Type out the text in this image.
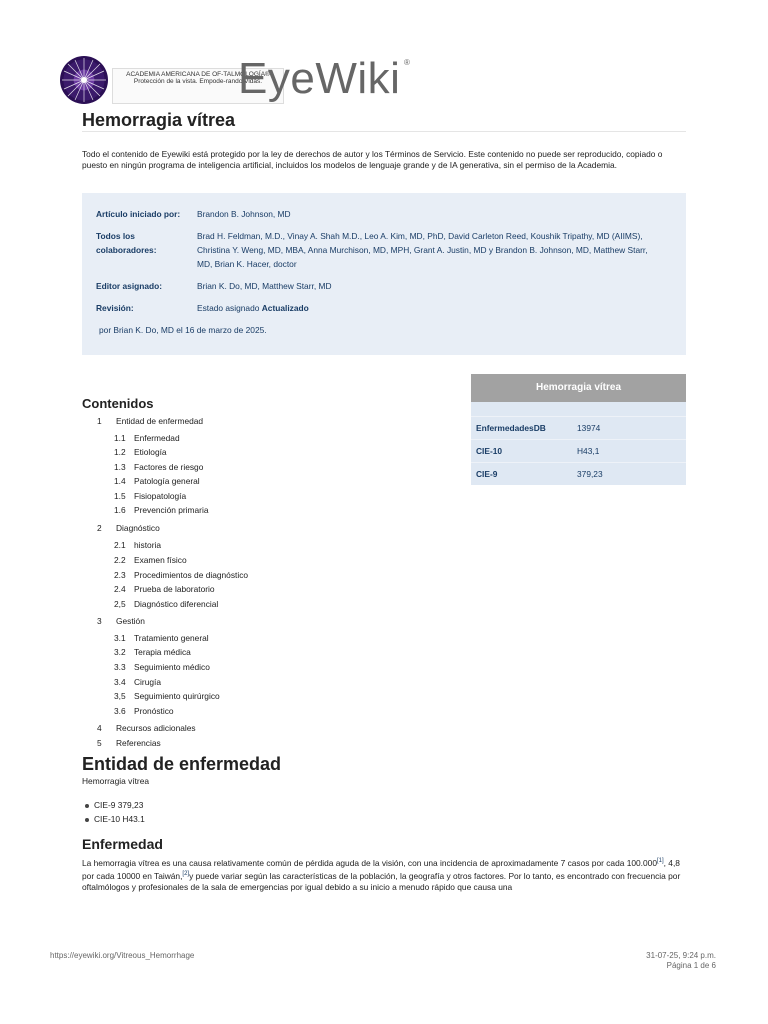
ACADEMIA AMERICANA DE OF-TALMOLOGÍA® Protección de la vista. Empode-rando Vidas.
EyeWiki ®
Hemorragia vítrea
Todo el contenido de Eyewiki está protegido por la ley de derechos de autor y los Términos de Servicio. Este contenido no puede ser reproducido, copiado o puesto en ningún programa de inteligencia artificial, incluidos los modelos de lenguaje grande y de IA generativa, sin el permiso de la Academia.
Artículo iniciado por:	Brandon B. Johnson, MD
Todos los colaboradores:	Brad H. Feldman, M.D., Vinay A. Shah M.D., Leo A. Kim, MD, PhD, David Carleton Reed, Koushik Tripathy, MD (AIIMS), Christina Y. Weng, MD, MBA, Anna Murchison, MD, MPH, Grant A. Justin, MD y Brandon B. Johnson, MD, Matthew Starr, MD, Brian K. Hacer, doctor
Editor asignado:	Brian K. Do, MD, Matthew Starr, MD
Revisión:	Estado asignado Actualizado
por Brian K. Do, MD el 16 de marzo de 2025.
Hemorragia vítrea
EnfermedadesDB	13974
CIE-10	H43,1
CIE-9	379,23
Contenidos
1 Entidad de enfermedad
1.1 Enfermedad
1.2 Etiología
1.3 Factores de riesgo
1.4 Patología general
1.5 Fisiopatología
1.6 Prevención primaria
2 Diagnóstico
2.1 historia
2.2 Examen físico
2.3 Procedimientos de diagnóstico
2.4 Prueba de laboratorio
2,5 Diagnóstico diferencial
3 Gestión
3.1 Tratamiento general
3.2 Terapia médica
3.3 Seguimiento médico
3.4 Cirugía
3,5 Seguimiento quirúrgico
3.6 Pronóstico
4 Recursos adicionales
5 Referencias
Entidad de enfermedad
Hemorragia vítrea
CIE-9 379,23
CIE-10 H43.1
Enfermedad
La hemorragia vítrea es una causa relativamente común de pérdida aguda de la visión, con una incidencia de aproximadamente 7 casos por cada 100.000[1], 4,8 por cada 10000 en Taiwán,[2]y puede variar según las características de la población, la geografía y otros factores. Por lo tanto, es encontrado con frecuencia por oftalmólogos y profesionales de la sala de emergencias por igual debido a su inicio a menudo rápido que causa una
https://eyewiki.org/Vitreous_Hemorrhage	31-07-25, 9:24 p.m.
Página 1 de 6
